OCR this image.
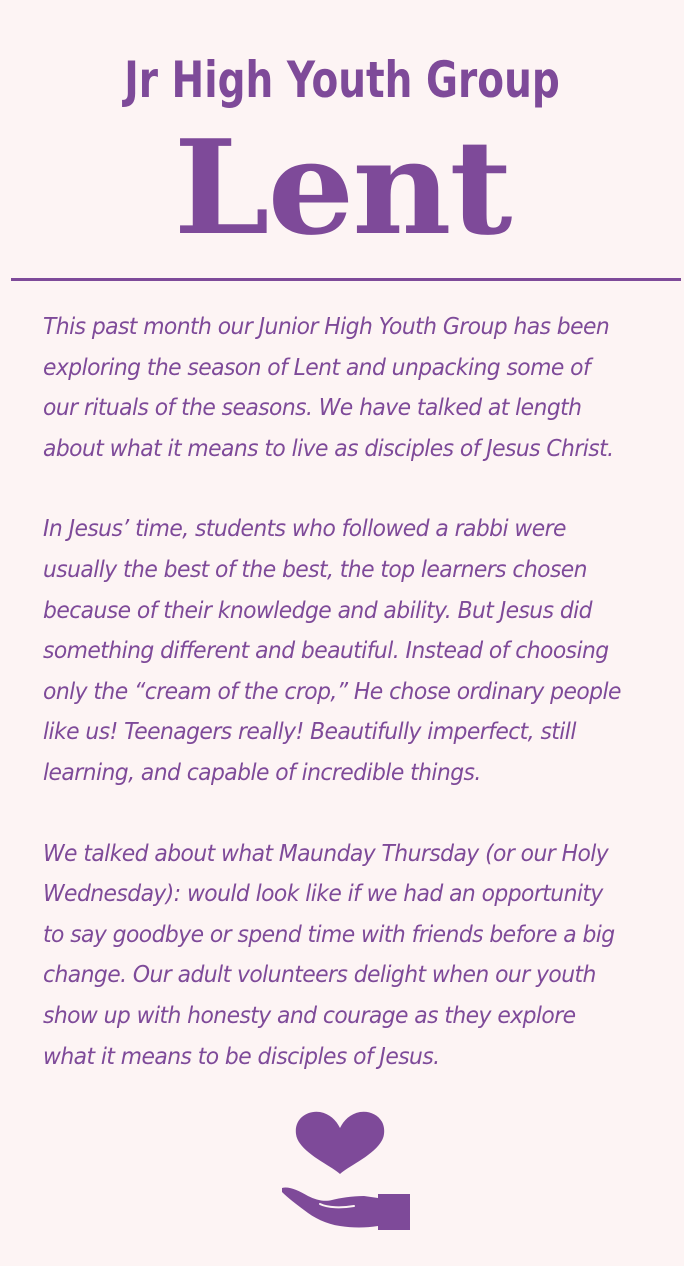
Jr High Youth Group
Lent

This past month our Junior High Youth Group has been
exploring the season of Lent and unpacking some of
our rituals of the seasons. We have talked at length
about what it means to live as disciples of Jesus Christ.

In Jesus’ time, students who followed a rabbi were
usually the best of the best, the top learners chosen
because of their knowledge and ability. But Jesus did
something different and beautiful. Instead of choosing
only the “cream of the crop,” He chose ordinary people
like us! Teenagers really! Beautifully imperfect, still
learning, and capable of incredible things.

We talked about what Maunday Thursday (or our Holy
Wednesday): would look like if we had an opportunity
to say goodbye or spend time with friends before a big
change. Our adult volunteers delight when our youth
show up with honesty and courage as they explore
what it means to be disciples of Jesus.
